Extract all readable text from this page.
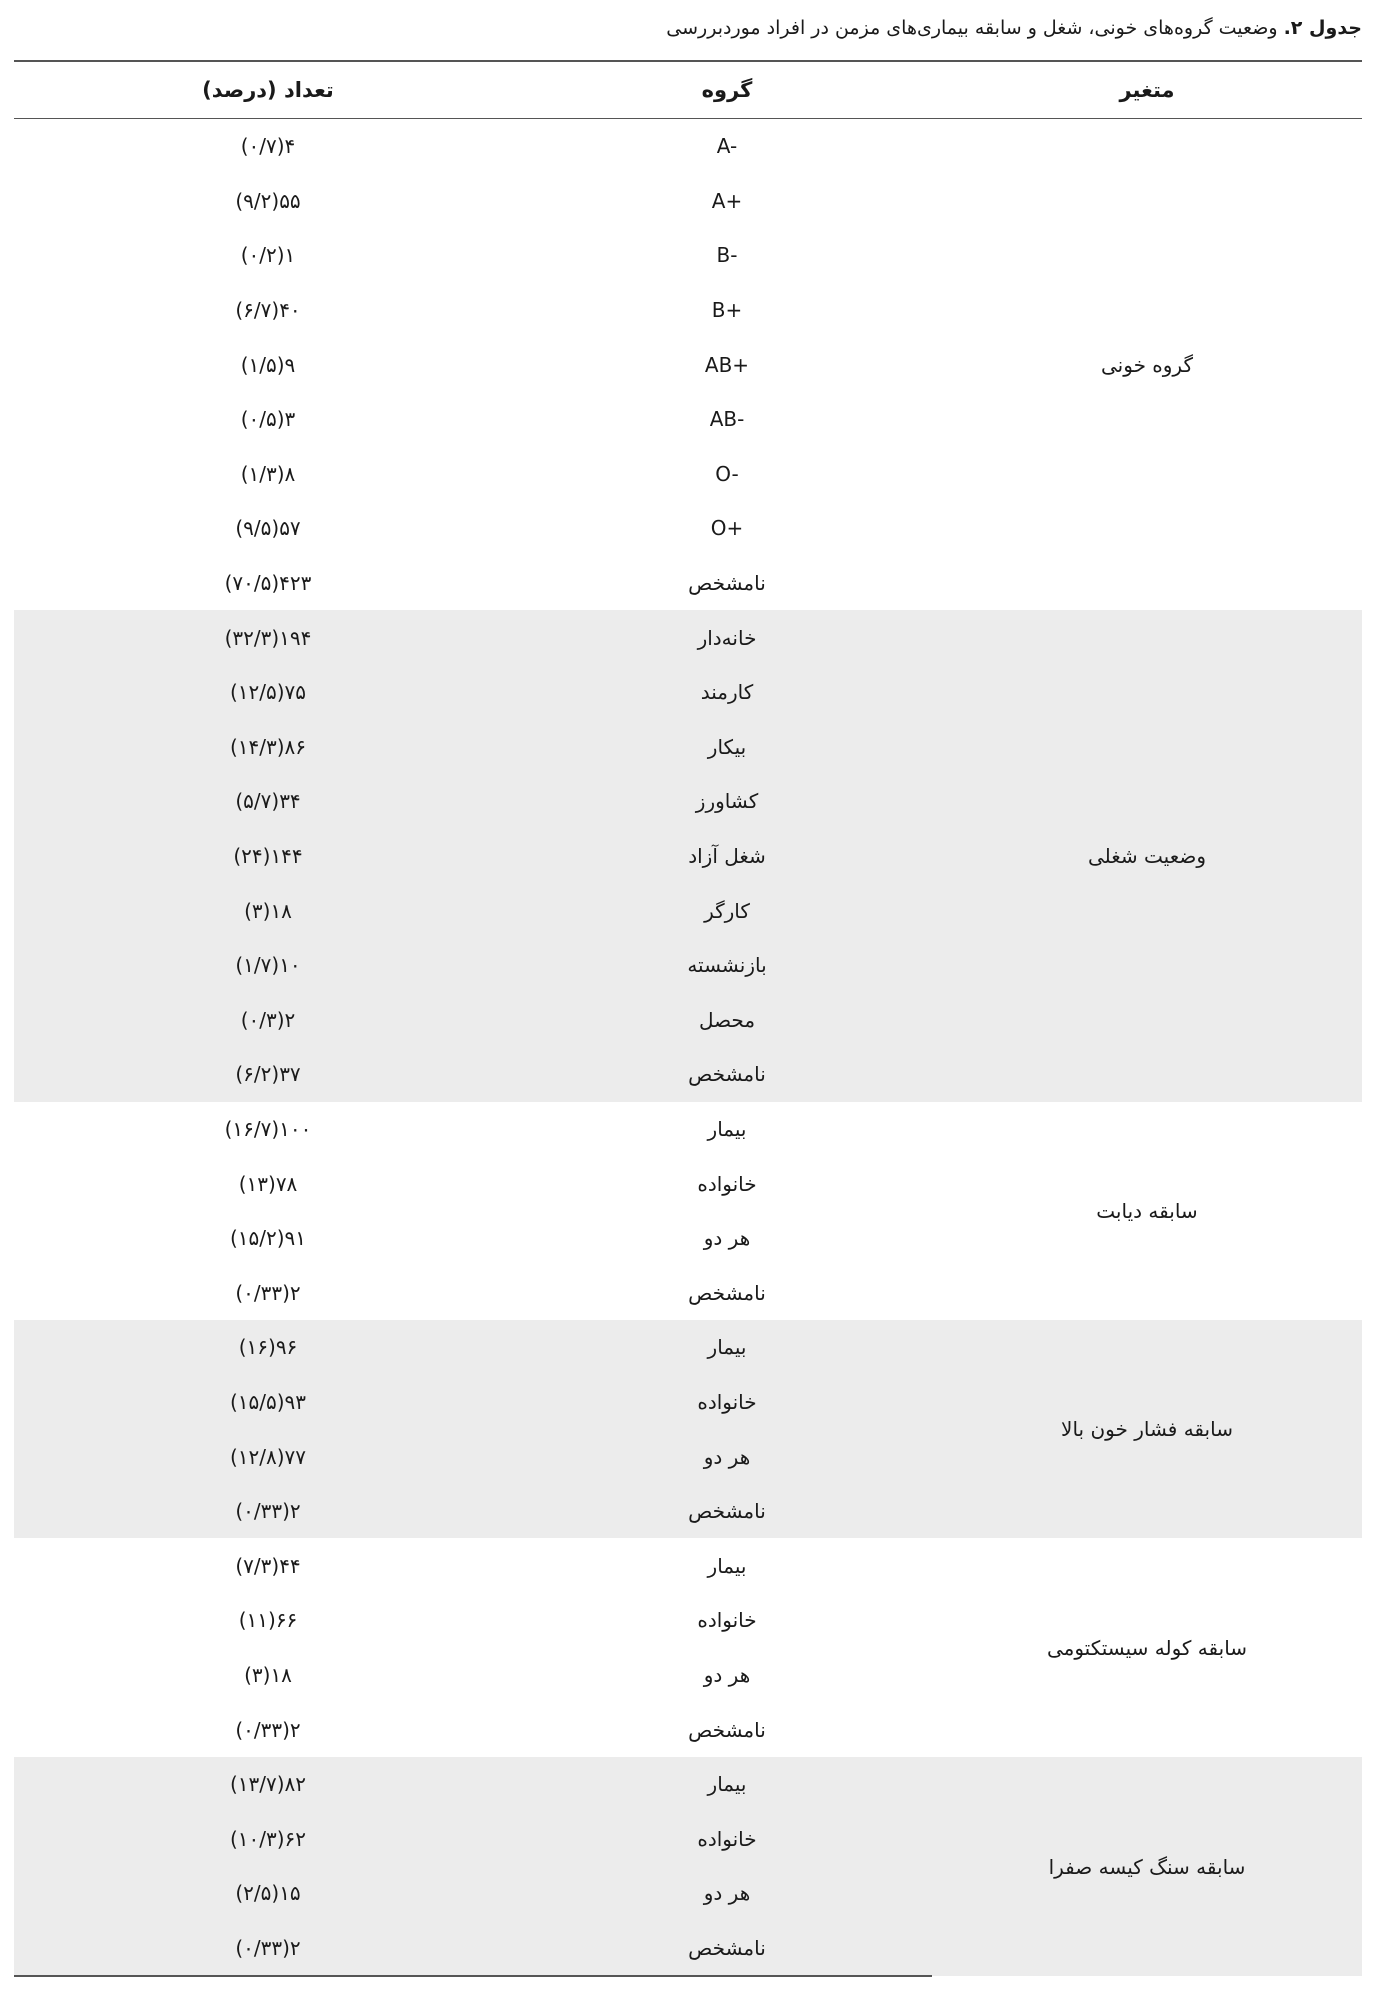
جدول ۲. وضعیت گروه‌های خونی، شغل و سابقه بیماری‌های مزمن در افراد موردبررسی
متغیر	گروه	تعداد (درصد)
گروه خونی	A-	۴(۰/۷)
	A+	۵۵(۹/۲)
	B-	۱(۰/۲)
	B+	۴۰(۶/۷)
	AB+	۹(۱/۵)
	AB-	۳(۰/۵)
	O-	۸(۱/۳)
	O+	۵۷(۹/۵)
	نامشخص	۴۲۳(۷۰/۵)
وضعیت شغلی	خانه‌دار	۱۹۴(۳۲/۳)
	کارمند	۷۵(۱۲/۵)
	بیکار	۸۶(۱۴/۳)
	کشاورز	۳۴(۵/۷)
	شغل آزاد	۱۴۴(۲۴)
	کارگر	۱۸(۳)
	بازنشسته	۱۰(۱/۷)
	محصل	۲(۰/۳)
	نامشخص	۳۷(۶/۲)
سابقه دیابت	بیمار	۱۰۰(۱۶/۷)
	خانواده	۷۸(۱۳)
	هر دو	۹۱(۱۵/۲)
	نامشخص	۲(۰/۳۳)
سابقه فشار خون بالا	بیمار	۹۶(۱۶)
	خانواده	۹۳(۱۵/۵)
	هر دو	۷۷(۱۲/۸)
	نامشخص	۲(۰/۳۳)
سابقه کوله سیستکتومی	بیمار	۴۴(۷/۳)
	خانواده	۶۶(۱۱)
	هر دو	۱۸(۳)
	نامشخص	۲(۰/۳۳)
سابقه سنگ کیسه صفرا	بیمار	۸۲(۱۳/۷)
	خانواده	۶۲(۱۰/۳)
	هر دو	۱۵(۲/۵)
	نامشخص	۲(۰/۳۳)
